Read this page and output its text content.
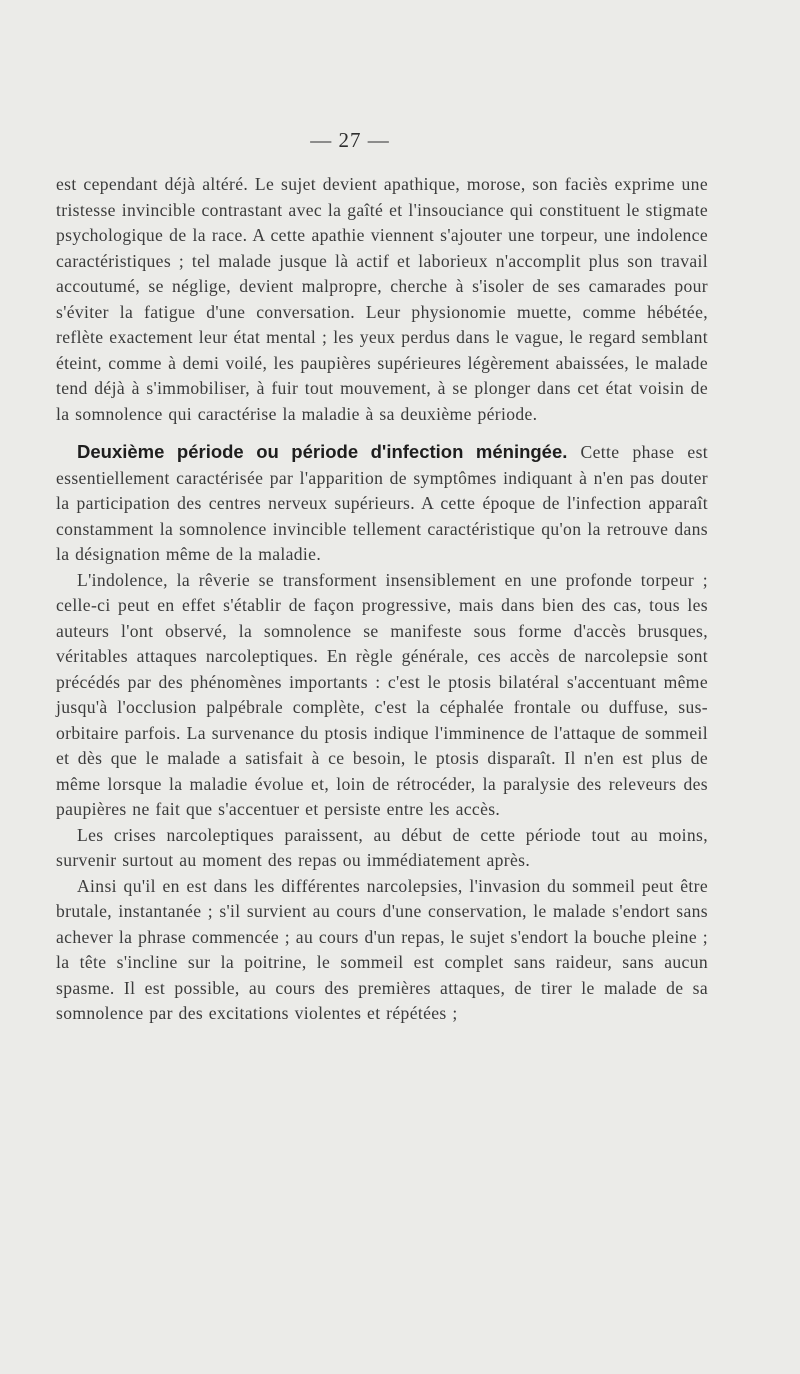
— 27 —

est cependant déjà altéré. Le sujet devient apathique, morose, son faciès exprime une tristesse invincible contrastant avec la gaîté et l'insouciance qui constituent le stigmate psychologique de la race. A cette apathie viennent s'ajouter une torpeur, une indolence caractéristiques ; tel malade jusque là actif et laborieux n'accomplit plus son travail accoutumé, se néglige, devient malpropre, cherche à s'isoler de ses camarades pour s'éviter la fatigue d'une conversation. Leur physionomie muette, comme hébétée, reflète exactement leur état mental ; les yeux perdus dans le vague, le regard semblant éteint, comme à demi voilé, les paupières supérieures légèrement abaissées, le malade tend déjà à s'immobiliser, à fuir tout mouvement, à se plonger dans cet état voisin de la somnolence qui caractérise la maladie à sa deuxième période.

Deuxième période ou période d'infection méningée. Cette phase est essentiellement caractérisée par l'apparition de symptômes indiquant à n'en pas douter la participation des centres nerveux supérieurs. A cette époque de l'infection apparaît constamment la somnolence invincible tellement caractéristique qu'on la retrouve dans la désignation même de la maladie.

L'indolence, la rêverie se transforment insensiblement en une profonde torpeur ; celle-ci peut en effet s'établir de façon progressive, mais dans bien des cas, tous les auteurs l'ont observé, la somnolence se manifeste sous forme d'accès brusques, véritables attaques narcoleptiques. En règle générale, ces accès de narcolepsie sont précédés par des phénomènes importants : c'est le ptosis bilatéral s'accentuant même jusqu'à l'occlusion palpébrale complète, c'est la céphalée frontale ou duffuse, sus-orbitaire parfois. La survenance du ptosis indique l'imminence de l'attaque de sommeil et dès que le malade a satisfait à ce besoin, le ptosis disparaît. Il n'en est plus de même lorsque la maladie évolue et, loin de rétrocéder, la paralysie des releveurs des paupières ne fait que s'accentuer et persiste entre les accès.

Les crises narcoleptiques paraissent, au début de cette période tout au moins, survenir surtout au moment des repas ou immédiatement après.

Ainsi qu'il en est dans les différentes narcolepsies, l'invasion du sommeil peut être brutale, instantanée ; s'il survient au cours d'une conservation, le malade s'endort sans achever la phrase commencée ; au cours d'un repas, le sujet s'endort la bouche pleine ; la tête s'incline sur la poitrine, le sommeil est complet sans raideur, sans aucun spasme. Il est possible, au cours des premières attaques, de tirer le malade de sa somnolence par des excitations violentes et répétées ;
